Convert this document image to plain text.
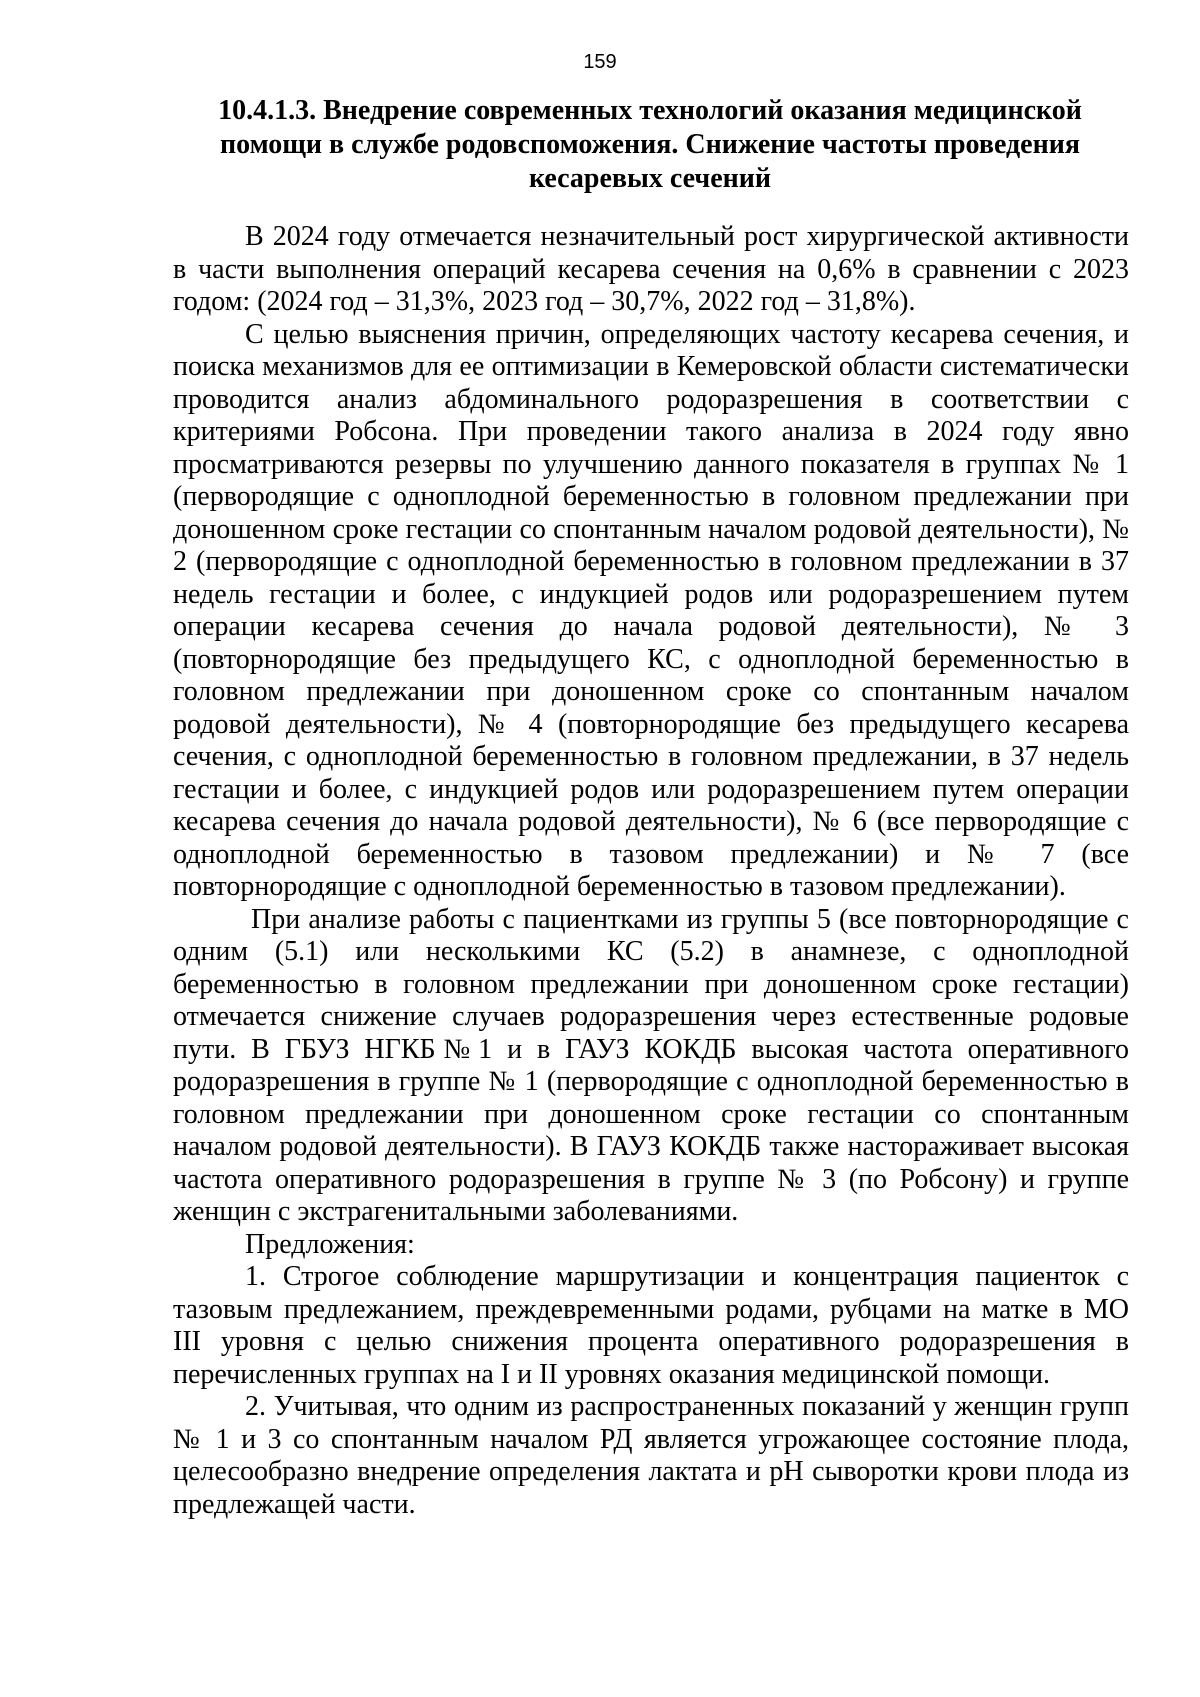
159
10.4.1.3. Внедрение современных технологий оказания медицинской помощи в службе родовспоможения. Снижение частоты проведения кесаревых сечений

В 2024 году отмечается незначительный рост хирургической активности в части выполнения операций кесарева сечения на 0,6% в сравнении с 2023 годом: (2024 год – 31,3%, 2023 год – 30,7%, 2022 год – 31,8%).

С целью выяснения причин, определяющих частоту кесарева сечения, и поиска механизмов для ее оптимизации в Кемеровской области систематически проводится анализ абдоминального родоразрешения в соответствии с критериями Робсона. При проведении такого анализа в 2024 году явно просматриваются резервы по улучшению данного показателя в группах № 1 (первородящие с одноплодной беременностью в головном предлежании при доношенном сроке гестации со спонтанным началом родовой деятельности), № 2 (первородящие с одноплодной беременностью в головном предлежании в 37 недель гестации и более, с индукцией родов или родоразрешением путем операции кесарева сечения до начала родовой деятельности), № 3 (повторнородящие без предыдущего КС, с одноплодной беременностью в головном предлежании при доношенном сроке со спонтанным началом родовой деятельности), № 4 (повторнородящие без предыдущего кесарева сечения, с одноплодной беременностью в головном предлежании, в 37 недель гестации и более, с индукцией родов или родоразрешением путем операции кесарева сечения до начала родовой деятельности), № 6 (все первородящие с одноплодной беременностью в тазовом предлежании) и № 7 (все повторнородящие с одноплодной беременностью в тазовом предлежании).

При анализе работы с пациентками из группы 5 (все повторнородящие с одним (5.1) или несколькими КС (5.2) в анамнезе, с одноплодной беременностью в головном предлежании при доношенном сроке гестации) отмечается снижение случаев родоразрешения через естественные родовые пути. В ГБУЗ НГКБ№1 и в ГАУЗ КОКДБ высокая частота оперативного родоразрешения в группе № 1 (первородящие с одноплодной беременностью в головном предлежании при доношенном сроке гестации со спонтанным началом родовой деятельности). В ГАУЗ КОКДБ также настораживает высокая частота оперативного родоразрешения в группе № 3 (по Робсону) и группе женщин с экстрагенитальными заболеваниями.

Предложения:

1. Строгое соблюдение маршрутизации и концентрация пациенток с тазовым предлежанием, преждевременными родами, рубцами на матке в МО III уровня с целью снижения процента оперативного родоразрешения в перечисленных группах на I и II уровнях оказания медицинской помощи.

2. Учитывая, что одним из распространенных показаний у женщин групп № 1 и 3 со спонтанным началом РД является угрожающее состояние плода, целесообразно внедрение определения лактата и pH сыворотки крови плода из предлежащей части.
